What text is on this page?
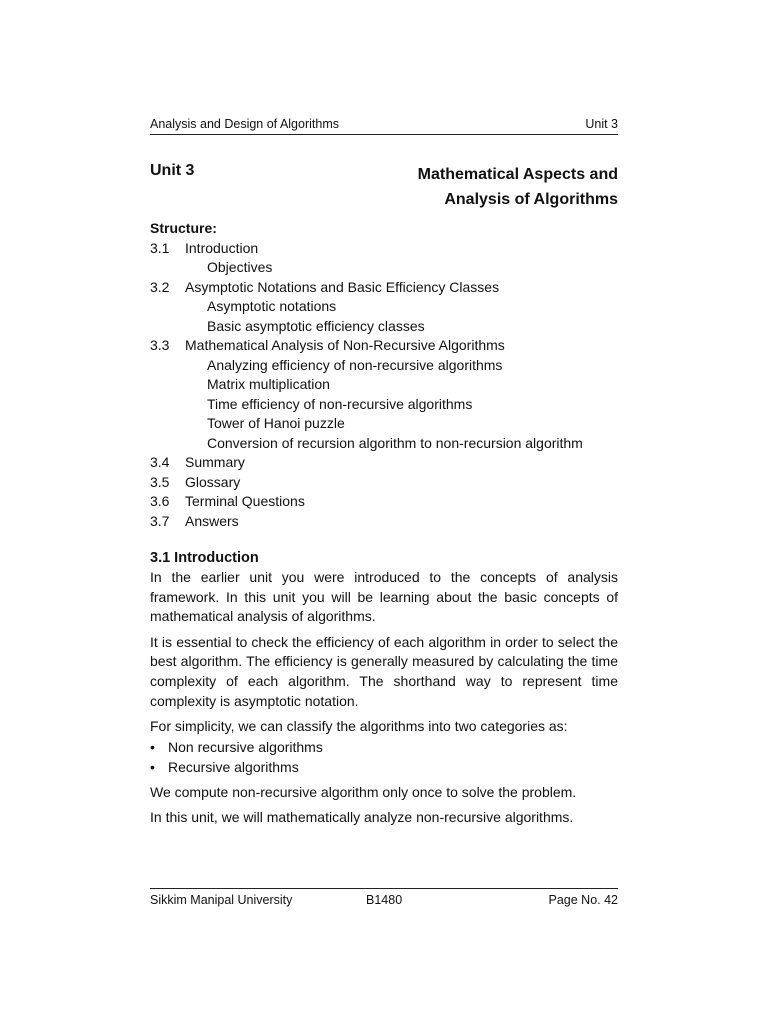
Analysis and Design of Algorithms	Unit 3
Unit 3	Mathematical Aspects and
Analysis of Algorithms
Structure:
3.1 Introduction
Objectives
3.2 Asymptotic Notations and Basic Efficiency Classes
Asymptotic notations
Basic asymptotic efficiency classes
3.3 Mathematical Analysis of Non-Recursive Algorithms
Analyzing efficiency of non-recursive algorithms
Matrix multiplication
Time efficiency of non-recursive algorithms
Tower of Hanoi puzzle
Conversion of recursion algorithm to non-recursion algorithm
3.4 Summary
3.5 Glossary
3.6 Terminal Questions
3.7 Answers
3.1 Introduction

In the earlier unit you were introduced to the concepts of analysis framework. In this unit you will be learning about the basic concepts of mathematical analysis of algorithms.

It is essential to check the efficiency of each algorithm in order to select the best algorithm. The efficiency is generally measured by calculating the time complexity of each algorithm. The shorthand way to represent time complexity is asymptotic notation.

For simplicity, we can classify the algorithms into two categories as:

• Non recursive algorithms
• Recursive algorithms

We compute non-recursive algorithm only once to solve the problem.

In this unit, we will mathematically analyze non-recursive algorithms.

Sikkim Manipal University	B1480	Page No. 42
